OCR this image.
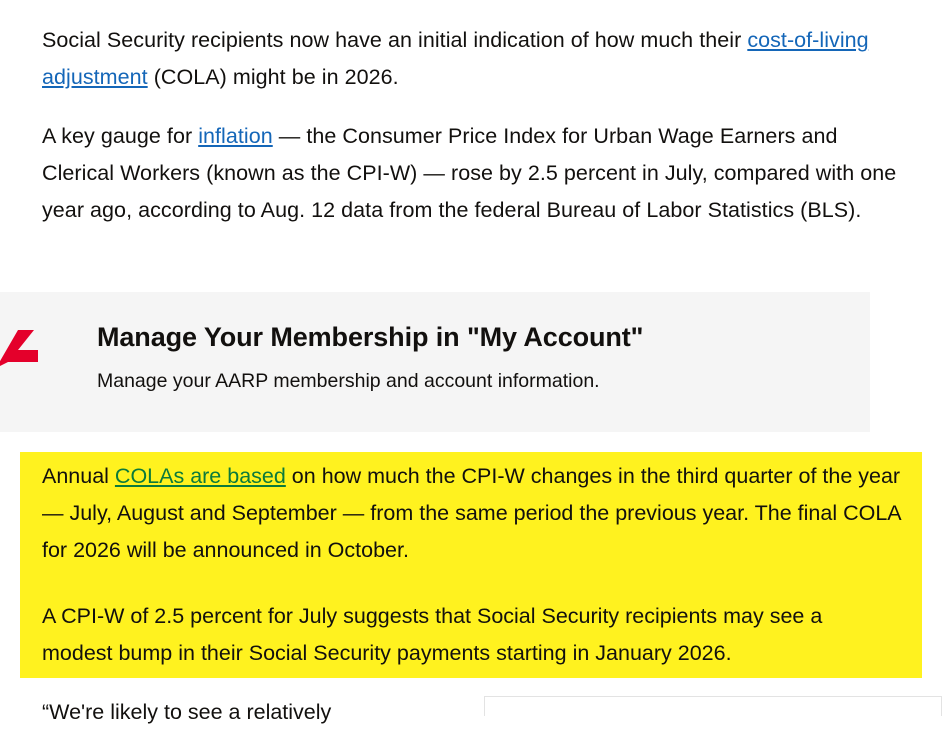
Social Security recipients now have an initial indication of how much their cost-of-living adjustment (COLA) might be in 2026.

A key gauge for inflation — the Consumer Price Index for Urban Wage Earners and Clerical Workers (known as the CPI-W) — rose by 2.5 percent in July, compared with one year ago, according to Aug. 12 data from the federal Bureau of Labor Statistics (BLS).

Manage Your Membership in "My Account"
Manage your AARP membership and account information.

Annual COLAs are based on how much the CPI-W changes in the third quarter of the year — July, August and September — from the same period the previous year. The final COLA for 2026 will be announced in October.

A CPI-W of 2.5 percent for July suggests that Social Security recipients may see a modest bump in their Social Security payments starting in January 2026.

“We're likely to see a relatively
